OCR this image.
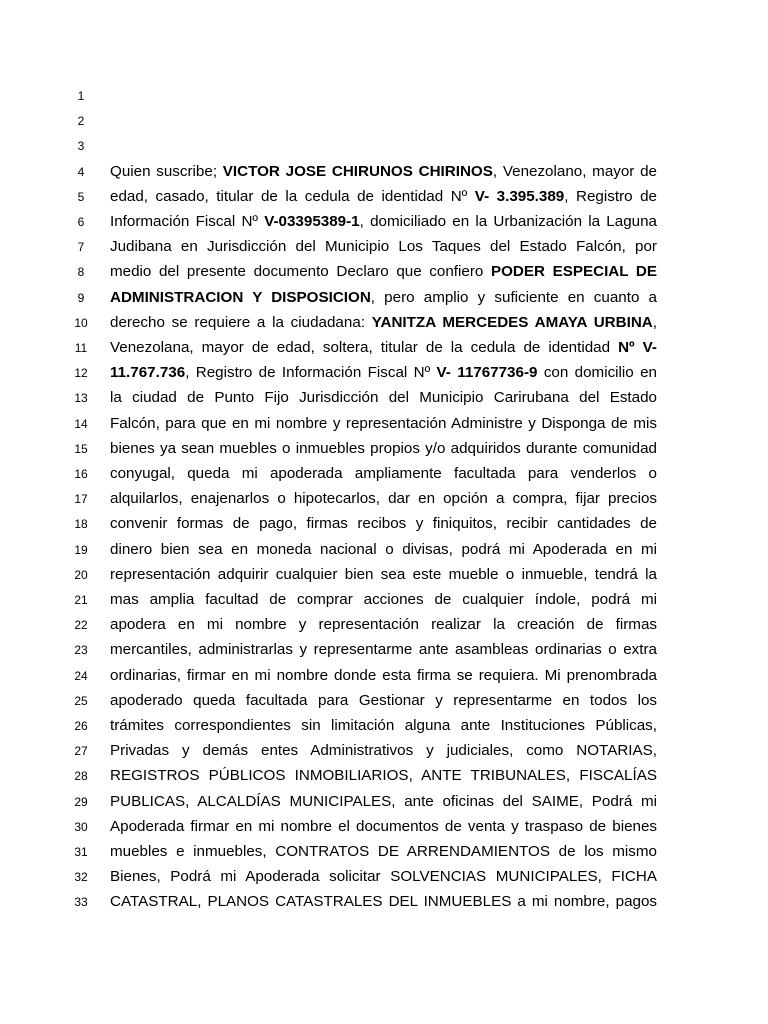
1
2
3
4	Quien suscribe; VICTOR JOSE CHIRUNOS CHIRINOS, Venezolano, mayor de
5	edad, casado, titular de la cedula de identidad Nº V- 3.395.389, Registro de
6	Información Fiscal Nº V-03395389-1, domiciliado en la Urbanización la Laguna
7	Judibana en Jurisdicción del Municipio Los Taques del Estado Falcón, por
8	medio del presente documento Declaro que confiero PODER ESPECIAL DE
9	ADMINISTRACION Y DISPOSICION, pero amplio y suficiente en cuanto a
10 derecho se requiere a la ciudadana: YANITZA MERCEDES AMAYA URBINA,
11	Venezolana, mayor de edad, soltera, titular de la cedula de identidad Nº V-
12 11.767.736, Registro de Información Fiscal Nº V- 11767736-9 con domicilio en
13 la ciudad de Punto Fijo Jurisdicción del Municipio Carirubana del Estado
14 Falcón, para que en mi nombre y representación Administre y Disponga de mis
15 bienes ya sean muebles o inmuebles propios y/o adquiridos durante comunidad
16 conyugal, queda mi apoderada ampliamente facultada para venderlos o
17 alquilarlos, enajenarlos o hipotecarlos, dar en opción a compra, fijar precios
18 convenir formas de pago, firmas recibos y finiquitos, recibir cantidades de
19 dinero bien sea en moneda nacional o divisas, podrá mi Apoderada en mi
20 representación adquirir cualquier bien sea este mueble o inmueble, tendrá la
21 mas amplia facultad de comprar acciones de cualquier índole, podrá mi
22 apodera en mi nombre y representación realizar la creación de firmas
23 mercantiles, administrarlas y representarme ante asambleas ordinarias o extra
24 ordinarias, firmar en mi nombre donde esta firma se requiera. Mi prenombrada
25 apoderado queda facultada para Gestionar y representarme en todos los
26 trámites correspondientes sin limitación alguna ante Instituciones Públicas,
27 Privadas y demás entes Administrativos y judiciales, como NOTARIAS,
28 REGISTROS PÚBLICOS INMOBILIARIOS, ANTE TRIBUNALES, FISCALÍAS
29 PUBLICAS, ALCALDÍAS MUNICIPALES, ante oficinas del SAIME, Podrá mi
30 Apoderada firmar en mi nombre el documentos de venta y traspaso de bienes
31 muebles e inmuebles, CONTRATOS DE ARRENDAMIENTOS de los mismo
32 Bienes, Podrá mi Apoderada solicitar SOLVENCIAS MUNICIPALES, FICHA
33 CATASTRAL, PLANOS CATASTRALES DEL INMUEBLES a mi nombre, pagos
